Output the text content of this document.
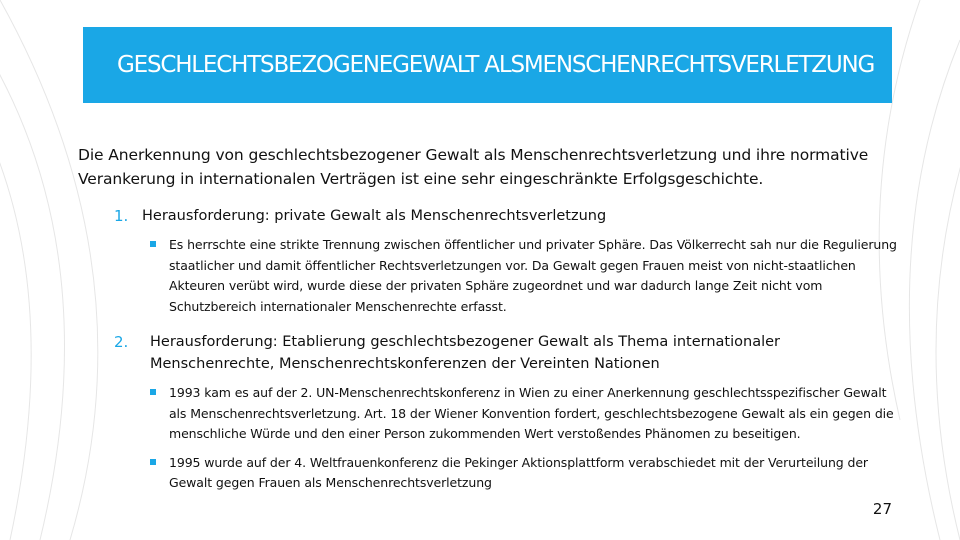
GESCHLECHTSBEZOGENEGEWALT ALSMENSCHENRECHTSVERLETZUNG

Die Anerkennung von geschlechtsbezogener Gewalt als Menschenrechtsverletzung und ihre normative Verankerung in internationalen Verträgen ist eine sehr eingeschränkte Erfolgsgeschichte.

1. Herausforderung: private Gewalt als Menschenrechtsverletzung
Es herrschte eine strikte Trennung zwischen öffentlicher und privater Sphäre. Das Völkerrecht sah nur die Regulierung staatlicher und damit öffentlicher Rechtsverletzungen vor. Da Gewalt gegen Frauen meist von nicht-staatlichen Akteuren verübt wird, wurde diese der privaten Sphäre zugeordnet und war dadurch lange Zeit nicht vom Schutzbereich internationaler Menschenrechte erfasst.
2. Herausforderung: Etablierung geschlechtsbezogener Gewalt als Thema internationaler Menschenrechte, Menschenrechtskonferenzen der Vereinten Nationen
1993 kam es auf der 2. UN-Menschenrechtskonferenz in Wien zu einer Anerkennung geschlechtsspezifischer Gewalt als Menschenrechtsverletzung. Art. 18 der Wiener Konvention fordert, geschlechtsbezogene Gewalt als ein gegen die menschliche Würde und den einer Person zukommenden Wert verstoßendes Phänomen zu beseitigen.
1995 wurde auf der 4. Weltfrauenkonferenz die Pekinger Aktionsplattform verabschiedet mit der Verurteilung der Gewalt gegen Frauen als Menschenrechtsverletzung
27
